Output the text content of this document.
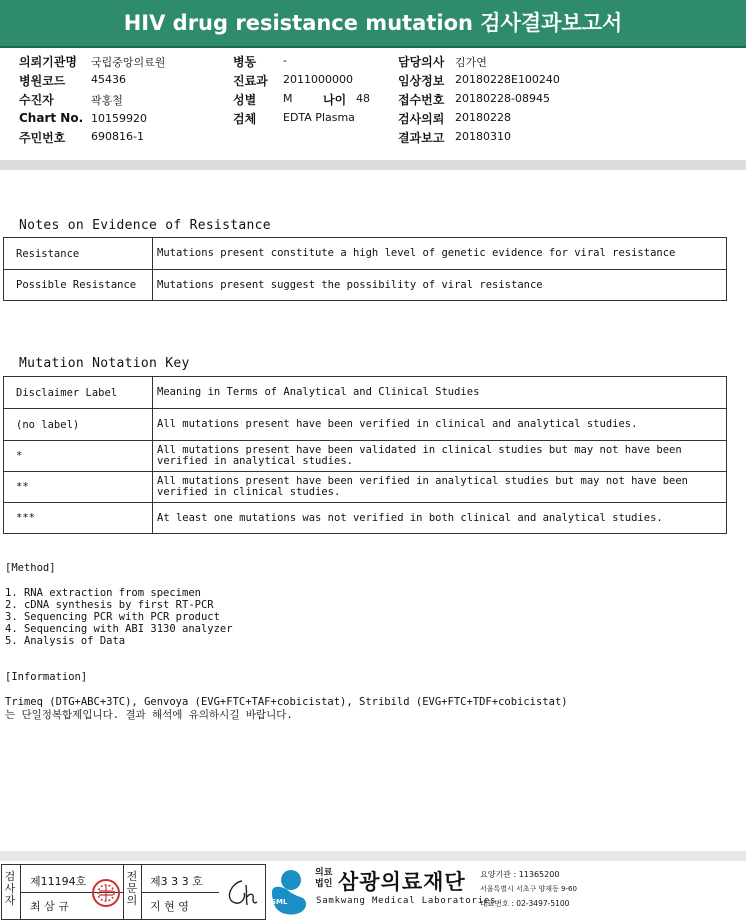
HIV drug resistance mutation 검사결과보고서
의뢰기관명 국립중앙의료원
병원코드 45436
수진자	곽홍철
Chart No. 10159920
주민번호 690816-1
병동 -
진료과 2011000000
성별 M	나이 48
검체 EDTA Plasma
담당의사 김가연
임상정보 20180228E100240
접수번호 20180228-08945
검사의뢰 20180228
결과보고 20180310
Notes on Evidence of Resistance
Resistance	Mutations present constitute a high level of genetic evidence for viral resistance
Possible Resistance	Mutations present suggest the possibility of viral resistance
Mutation Notation Key
Disclaimer Label	Meaning in Terms of Analytical and Clinical Studies
(no label)	All mutations present have been verified in clinical and analytical studies.
*	All mutations present have been validated in clinical studies but may not have been verified in analytical studies.
**	All mutations present have been verified in analytical studies but may not have been verified in clinical studies.
***	At least one mutations was not verified in both clinical and analytical studies.
[Method]
1. RNA extraction from specimen
2. cDNA synthesis by first RT-PCR
3. Sequencing PCR with PCR product
4. Sequencing with ABI 3130 analyzer
5. Analysis of Data
[Information]
Trimeq (DTG+ABC+3TC), Genvoya (EVG+FTC+TAF+cobicistat), Stribild (EVG+FTC+TDF+cobicistat)
는 단일정복합제입니다. 결과 해석에 유의하시길 바랍니다.
검사자
제11194호
최 삼 규
전문의
제3 3 3 호
지 현 영	SML
의료법인 삼광의료재단
Samkwang Medical Laboratories
요양기관 : 11365200
서울특별시 서초구 양재동 9-60
대표번호 : 02-3497-5100
